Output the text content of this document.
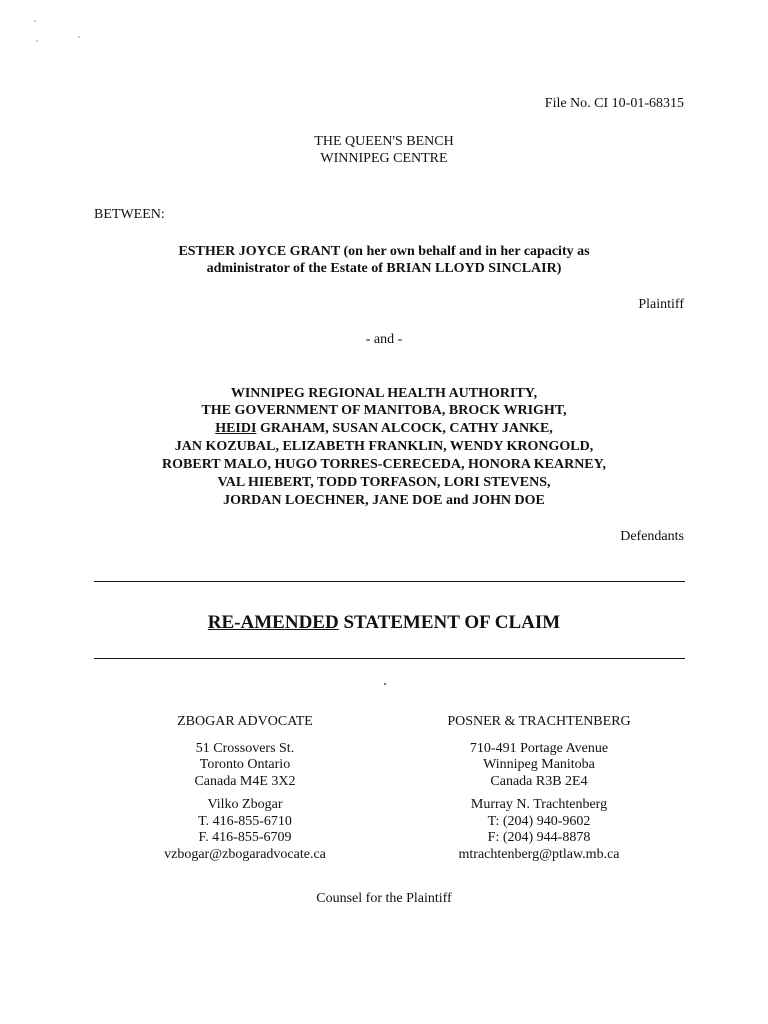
File No. CI 10-01-68315
THE QUEEN'S BENCH
WINNIPEG CENTRE
BETWEEN:
ESTHER JOYCE GRANT (on her own behalf and in her capacity as
administrator of the Estate of BRIAN LLOYD SINCLAIR)
Plaintiff
- and -
WINNIPEG REGIONAL HEALTH AUTHORITY,
THE GOVERNMENT OF MANITOBA, BROCK WRIGHT,
HEIDI GRAHAM, SUSAN ALCOCK, CATHY JANKE,
JAN KOZUBAL, ELIZABETH FRANKLIN, WENDY KRONGOLD,
ROBERT MALO, HUGO TORRES-CERECEDA, HONORA KEARNEY,
VAL HIEBERT, TODD TORFASON, LORI STEVENS,
JORDAN LOECHNER, JANE DOE and JOHN DOE
Defendants
RE-AMENDED STATEMENT OF CLAIM
ZBOGAR ADVOCATE
51 Crossovers St.
Toronto Ontario
Canada M4E 3X2
Vilko Zbogar
T. 416-855-6710
F. 416-855-6709
vzbogar@zbogaradvocate.ca
POSNER & TRACHTENBERG
710-491 Portage Avenue
Winnipeg Manitoba
Canada R3B 2E4
Murray N. Trachtenberg
T: (204) 940-9602
F: (204) 944-8878
mtrachtenberg@ptlaw.mb.ca
Counsel for the Plaintiff
